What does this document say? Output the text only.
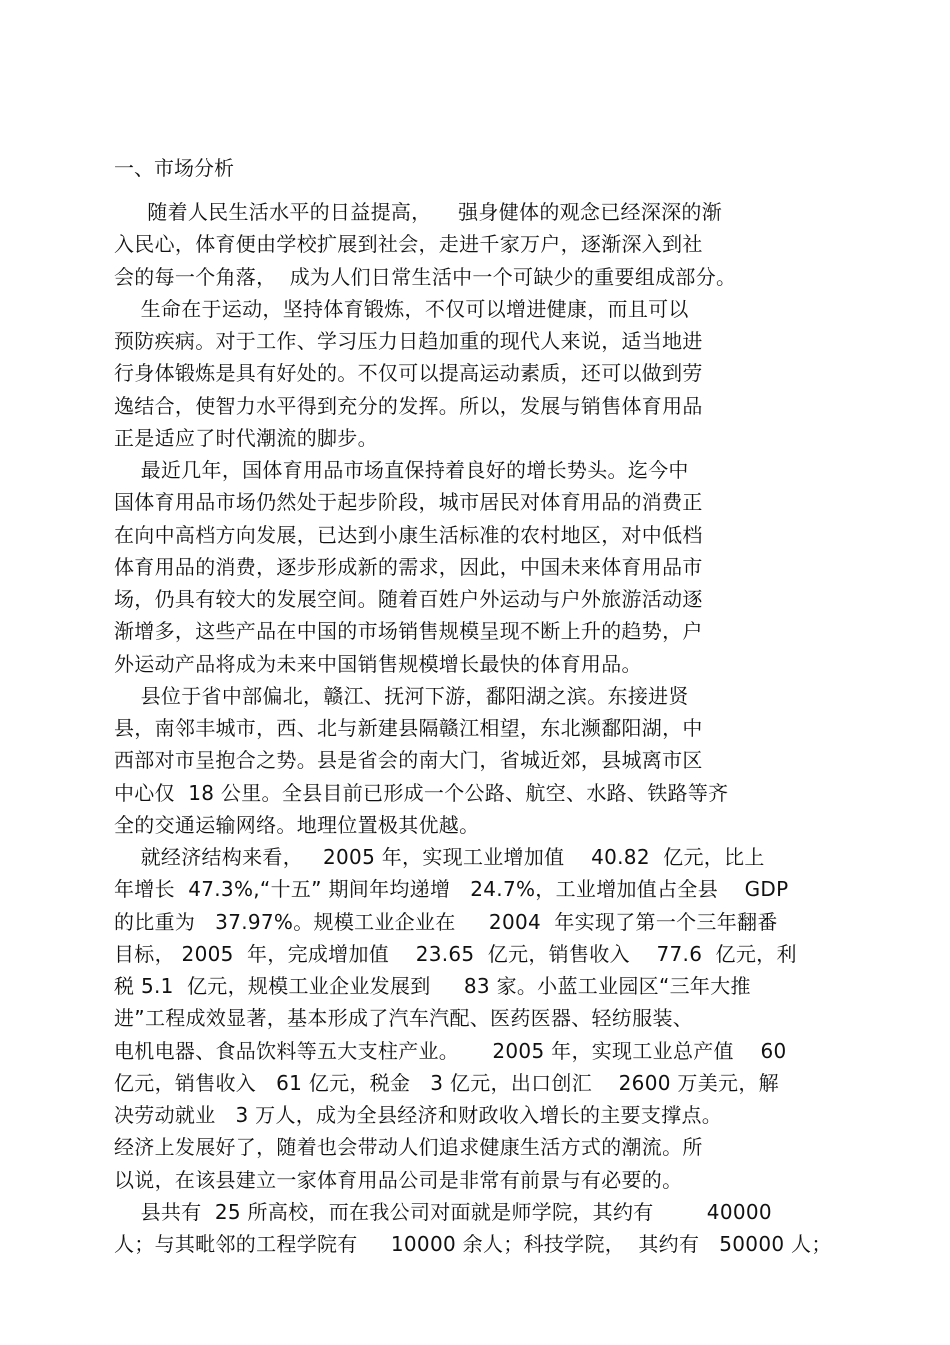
一、市场分析
随着人民生活水平的日益提高，    强身健体的观念已经深深的渐
入民心，体育便由学校扩展到社会，走进千家万户，逐渐深入到社
会的每一个角落，  成为人们日常生活中一个可缺少的重要组成部分。
生命在于运动，坚持体育锻炼，不仅可以增进健康，而且可以
预防疾病。对于工作、学习压力日趋加重的现代人来说，适当地进
行身体锻炼是具有好处的。不仅可以提高运动素质，还可以做到劳
逸结合，使智力水平得到充分的发挥。所以，发展与销售体育用品
正是适应了时代潮流的脚步。
最近几年，国体育用品市场直保持着良好的增长势头。迄今中
国体育用品市场仍然处于起步阶段，城市居民对体育用品的消费正
在向中高档方向发展，已达到小康生活标准的农村地区，对中低档
体育用品的消费，逐步形成新的需求，因此，中国未来体育用品市
场，仍具有较大的发展空间。随着百姓户外运动与户外旅游活动逐
渐增多，这些产品在中国的市场销售规模呈现不断上升的趋势，户
外运动产品将成为未来中国销售规模增长最快的体育用品。
县位于省中部偏北，赣江、抚河下游，鄱阳湖之滨。东接进贤
县，南邻丰城市，西、北与新建县隔赣江相望，东北濒鄱阳湖，中
西部对市呈抱合之势。县是省会的南大门，省城近郊，县城离市区
中心仅  18 公里。全县目前已形成一个公路、航空、水路、铁路等齐
全的交通运输网络。地理位置极其优越。
就经济结构来看，   2005 年，实现工业增加值    40.82  亿元，比上
年增长  47.3%,“十五” 期间年均递增   24.7%，工业增加值占全县    GDP
的比重为   37.97%。规模工业企业在     2004  年实现了第一个三年翻番
目标， 2005  年，完成增加值    23.65  亿元，销售收入    77.6  亿元，利
税 5.1  亿元，规模工业企业发展到     83 家。小蓝工业园区“三年大推
进”工程成效显著，基本形成了汽车汽配、医药医器、轻纺服装、
电机电器、食品饮料等五大支柱产业。     2005 年，实现工业总产值    60
亿元，销售收入   61 亿元，税金   3 亿元，出口创汇    2600 万美元，解
决劳动就业   3 万人，成为全县经济和财政收入增长的主要支撑点。
经济上发展好了，随着也会带动人们追求健康生活方式的潮流。所
以说，在该县建立一家体育用品公司是非常有前景与有必要的。
县共有  25 所高校，而在我公司对面就是师学院，其约有        40000
人；与其毗邻的工程学院有     10000 余人；科技学院，  其约有   50000 人；
